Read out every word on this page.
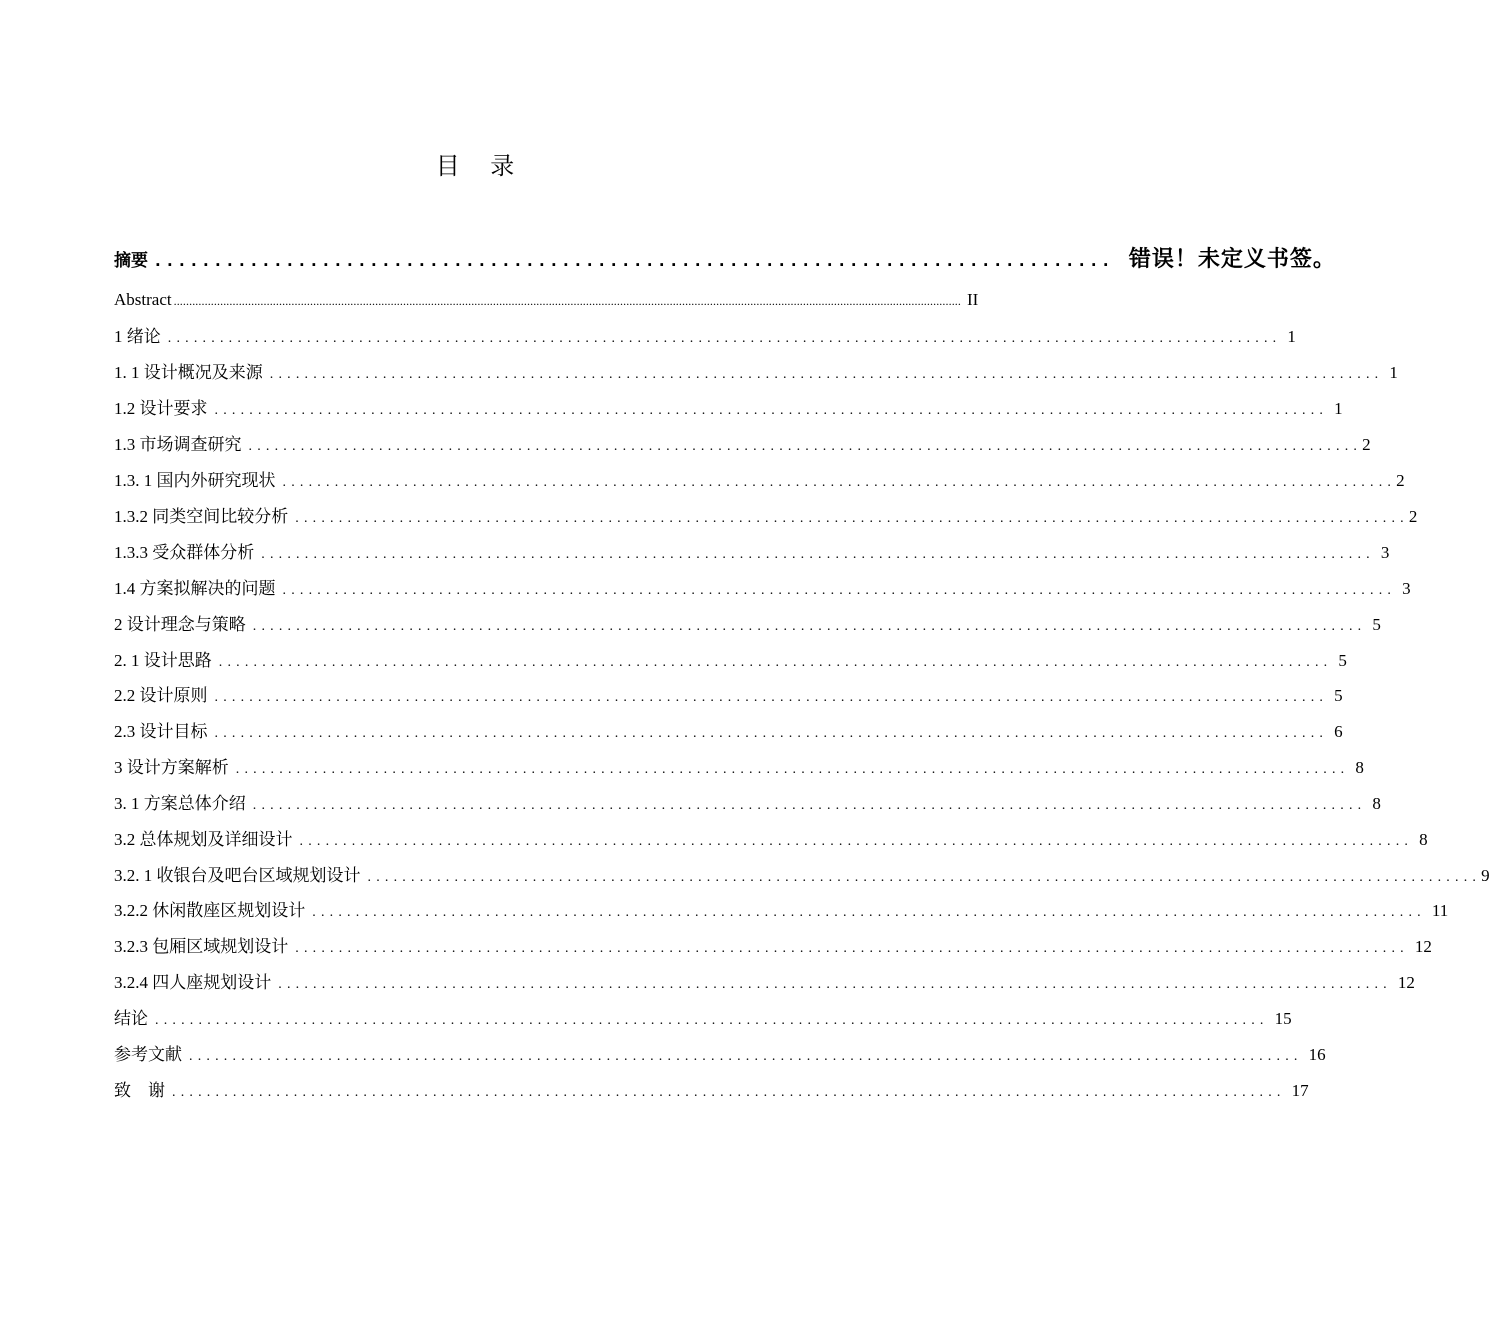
目    录
摘要 ................................................................................ 错误！未定义书签。
Abstract .............................................................................................................................................................................................................................................................. II
1 绪论 ................................................................................................................................ 1
1. 1 设计概况及来源 ................................................................................................................................ 1
1.2 设计要求 ................................................................................................................................ 1
1.3 市场调查研究 ................................................................................................................................ 2
1.3. 1 国内外研究现状 ................................................................................................................................ 2
1.3.2 同类空间比较分析 ................................................................................................................................ 2
1.3.3 受众群体分析 ................................................................................................................................ 3
1.4 方案拟解决的问题 ................................................................................................................................ 3
2 设计理念与策略 ................................................................................................................................ 5
2. 1 设计思路 ................................................................................................................................ 5
2.2 设计原则 ................................................................................................................................ 5
2.3 设计目标 ................................................................................................................................ 6
3 设计方案解析 ................................................................................................................................ 8
3. 1 方案总体介绍 ................................................................................................................................ 8
3.2 总体规划及详细设计 ................................................................................................................................ 8
3.2. 1 收银台及吧台区域规划设计 ................................................................................................................................ 9
3.2.2 休闲散座区规划设计 ................................................................................................................................ 11
3.2.3 包厢区域规划设计 ................................................................................................................................ 12
3.2.4 四人座规划设计 ................................................................................................................................ 12
结论 ................................................................................................................................ 15
参考文献 ................................................................................................................................ 16
致    谢 ................................................................................................................................ 17
